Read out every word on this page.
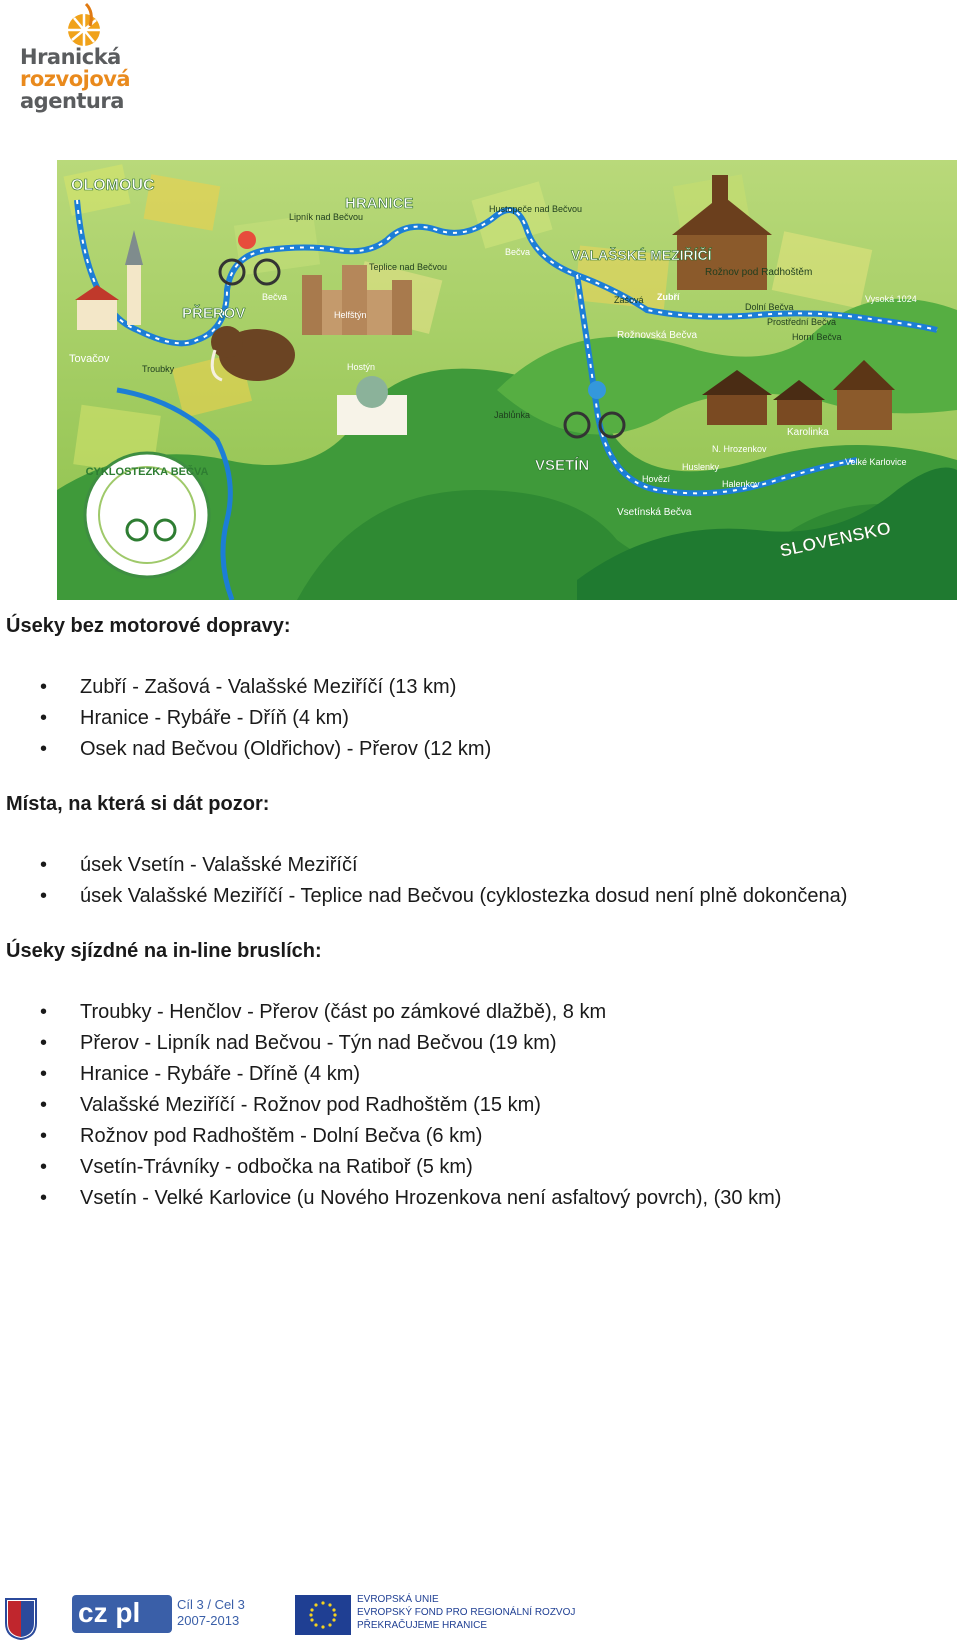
Hranická
rozvojová
agentura
CYKLOSTEZKA BEČVA
OLOMOUC
HRANICE
VALAŠSKÉ MEZIŘÍČÍ
PŘEROV
VSETÍN
SLOVENSKO
Lipník nad Bečvou
Hustopeče nad Bečvou
Teplice nad Bečvou	Rožnov pod Radhoštěm
Tovačov
Troubky
Helfštýn
Hostýn
Zašová Zubří
Rožnovská Bečva
Bečva
Bečva
Dolní Bečva
Prostřední Bečva
Horní Bečva
Vysoká 1024
Jablůnka
Karolinka
N. Hrozenkov
Hovězí
Huslenky
Halenkov
Velké Karlovice
Vsetínská Bečva
Úseky bez motorové dopravy:
• Zubří - Zašová - Valašské Meziříčí (13 km)
• Hranice - Rybáře - Dříň (4 km)
• Osek nad Bečvou (Oldřichov) - Přerov (12 km)
Místa, na která si dát pozor:
• úsek Vsetín - Valašské Meziříčí
• úsek Valašské Meziříčí - Teplice nad Bečvou (cyklostezka dosud není plně dokončena)
Úseky sjízdné na in-line bruslích:
• Troubky - Henčlov - Přerov (část po zámkové dlažbě), 8 km
• Přerov - Lipník nad Bečvou - Týn nad Bečvou (19 km)
• Hranice - Rybáře - Dříně (4 km)
• Valašské Meziříčí - Rožnov pod Radhoštěm (15 km)
• Rožnov pod Radhoštěm - Dolní Bečva (6 km)
• Vsetín-Trávníky - odbočka na Ratiboř (5 km)
• Vsetín - Velké Karlovice (u Nového Hrozenkova není asfaltový povrch), (30 km)
cz pl	Cíl 3 / Cel 3
2007-2013
EVROPSKÁ UNIE
EVROPSKÝ FOND PRO REGIONÁLNÍ ROZVOJ
PŘEKRAČUJEME HRANICE
